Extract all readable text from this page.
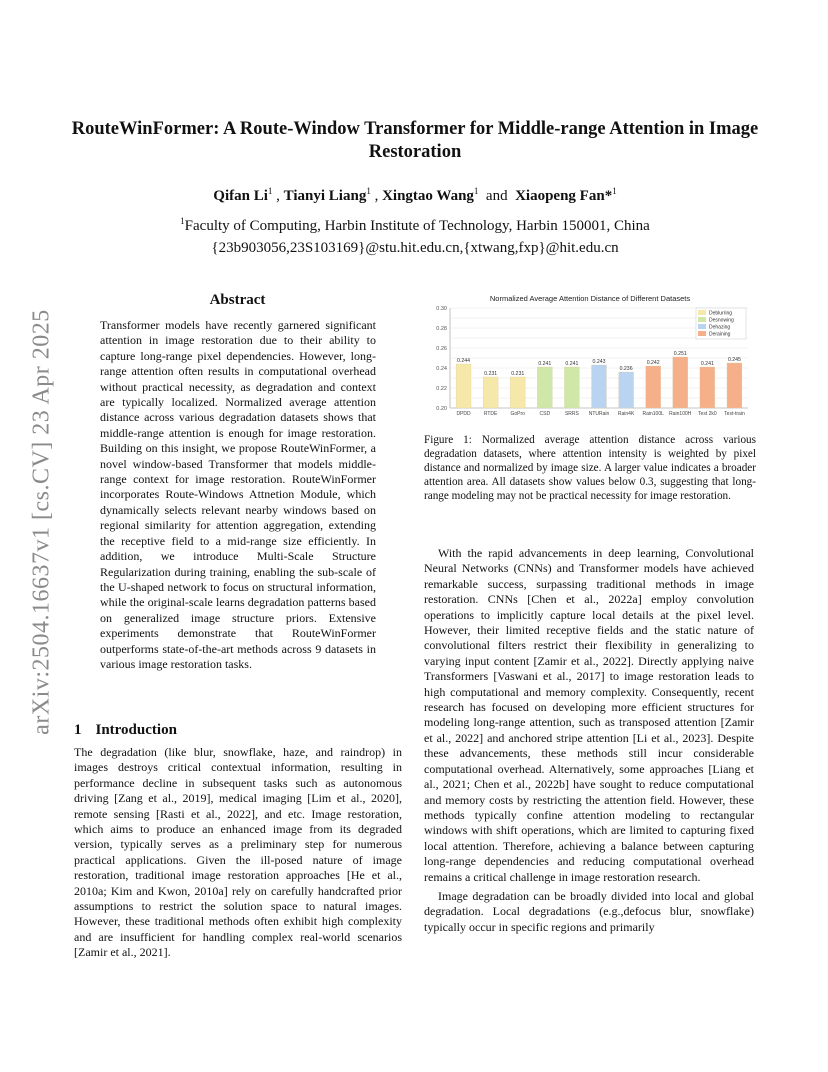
arXiv:2504.16637v1 [cs.CV] 23 Apr 2025
RouteWinFormer: A Route-Window Transformer for Middle-range Attention in Image Restoration
Qifan Li$^1$ , Tianyi Liang$^1$ , Xingtao Wang$^1$ and Xiaopeng Fan*$^1$
$^1$Faculty of Computing, Harbin Institute of Technology, Harbin 150001, China
{23b903056,23S103169}@stu.hit.edu.cn,{xtwang,fxp}@hit.edu.cn
Abstract
Transformer models have recently garnered significant attention in image restoration due to their ability to capture long-range pixel dependencies. However, long-range attention often results in computational overhead without practical necessity, as degradation and context are typically localized. Normalized average attention distance across various degradation datasets shows that middle-range attention is enough for image restoration. Building on this insight, we propose RouteWinFormer, a novel window-based Transformer that models middle-range context for image restoration. RouteWinFormer incorporates Route-Windows Attnetion Module, which dynamically selects relevant nearby windows based on regional similarity for attention aggregation, extending the receptive field to a mid-range size efficiently. In addition, we introduce Multi-Scale Structure Regularization during training, enabling the sub-scale of the U-shaped network to focus on structural information, while the original-scale learns degradation patterns based on generalized image structure priors. Extensive experiments demonstrate that RouteWinFormer outperforms state-of-the-art methods across 9 datasets in various image restoration tasks.
1 Introduction
The degradation (like blur, snowflake, haze, and raindrop) in images destroys critical contextual information, resulting in performance decline in subsequent tasks such as autonomous driving [Zang et al., 2019], medical imaging [Lim et al., 2020], remote sensing [Rasti et al., 2022], and etc. Image restoration, which aims to produce an enhanced image from its degraded version, typically serves as a preliminary step for numerous practical applications. Given the ill-posed nature of image restoration, traditional image restoration approaches [He et al., 2010a; Kim and Kwon, 2010a] rely on carefully handcrafted prior assumptions to restrict the solution space to natural images. However, these traditional methods often exhibit high complexity and are insufficient for handling complex real-world scenarios [Zamir et al., 2021].
Normalized Average Attention Distance of Different Datasets
0.20
0.22
0.24
0.26
0.28
0.30
0.244
DPDD
0.231
RTDE
0.231
GoPro
0.241
CSD
0.241
SRRS
0.243
NTURain
0.236
Rain4K
0.242
Rain100L
0.251
Rain100H
0.241
Test 2k0
0.245
Test-train
Deblurring
Desnowing
Dehazing
Deraining
Figure 1: Normalized average attention distance across various degradation datasets, where attention intensity is weighted by pixel distance and normalized by image size. A larger value indicates a broader attention area. All datasets show values below 0.3, suggesting that long-range modeling may not be practical necessity for image restoration.

With the rapid advancements in deep learning, Convolutional Neural Networks (CNNs) and Transformer models have achieved remarkable success, surpassing traditional methods in image restoration. CNNs [Chen et al., 2022a] employ convolution operations to implicitly capture local details at the pixel level. However, their limited receptive fields and the static nature of convolutional filters restrict their flexibility in generalizing to varying input content [Zamir et al., 2022]. Directly applying naive Transformers [Vaswani et al., 2017] to image restoration leads to high computational and memory complexity. Consequently, recent research has focused on developing more efficient structures for modeling long-range attention, such as transposed attention [Zamir et al., 2022] and anchored stripe attention [Li et al., 2023]. Despite these advancements, these methods still incur considerable computational overhead. Alternatively, some approaches [Liang et al., 2021; Chen et al., 2022b] have sought to reduce computational and memory costs by restricting the attention field. However, these methods typically confine attention modeling to rectangular windows with shift operations, which are limited to capturing fixed local attention. Therefore, achieving a balance between capturing long-range dependencies and reducing computational overhead remains a critical challenge in image restoration research.

Image degradation can be broadly divided into local and global degradation. Local degradations (e.g.,defocus blur, snowflake) typically occur in specific regions and primarily
